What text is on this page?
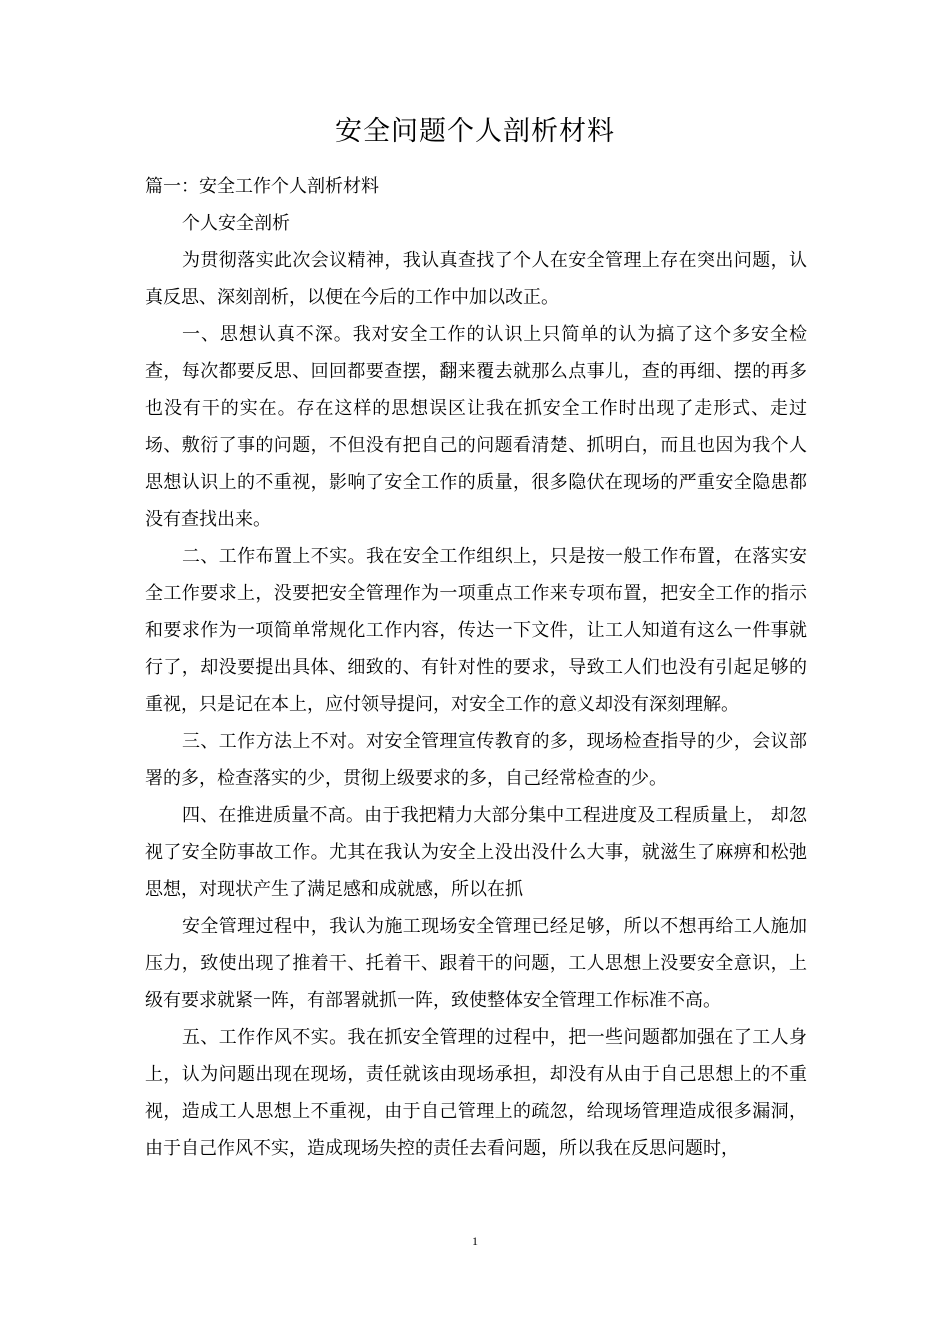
安全问题个人剖析材料

篇一：安全工作个人剖析材料

个人安全剖析

为贯彻落实此次会议精神，我认真查找了个人在安全管理上存在突出问题，认真反思、深刻剖析，以便在今后的工作中加以改正。

一、思想认真不深。我对安全工作的认识上只简单的认为搞了这个多安全检查，每次都要反思、回回都要查摆，翻来覆去就那么点事儿，查的再细、摆的再多也没有干的实在。存在这样的思想误区让我在抓安全工作时出现了走形式、走过场、敷衍了事的问题，不但没有把自己的问题看清楚、抓明白，而且也因为我个人思想认识上的不重视，影响了安全工作的质量，很多隐伏在现场的严重安全隐患都没有查找出来。

二、工作布置上不实。我在安全工作组织上，只是按一般工作布置，在落实安全工作要求上，没要把安全管理作为一项重点工作来专项布置，把安全工作的指示和要求作为一项简单常规化工作内容，传达一下文件，让工人知道有这么一件事就行了，却没要提出具体、细致的、有针对性的要求，导致工人们也没有引起足够的重视，只是记在本上，应付领导提问，对安全工作的意义却没有深刻理解。

三、工作方法上不对。对安全管理宣传教育的多，现场检查指导的少，会议部署的多，检查落实的少，贯彻上级要求的多，自己经常检查的少。

四、在推进质量不高。由于我把精力大部分集中工程进度及工程质量上， 却忽视了安全防事故工作。尤其在我认为安全上没出没什么大事，就滋生了麻痹和松弛思想，对现状产生了满足感和成就感，所以在抓

安全管理过程中，我认为施工现场安全管理已经足够，所以不想再给工人施加压力，致使出现了推着干、托着干、跟着干的问题，工人思想上没要安全意识，上级有要求就紧一阵，有部署就抓一阵，致使整体安全管理工作标准不高。

五、工作作风不实。我在抓安全管理的过程中，把一些问题都加强在了工人身上，认为问题出现在现场，责任就该由现场承担，却没有从由于自己思想上的不重视，造成工人思想上不重视，由于自己管理上的疏忽，给现场管理造成很多漏洞，由于自己作风不实，造成现场失控的责任去看问题，所以我在反思问题时，

1
